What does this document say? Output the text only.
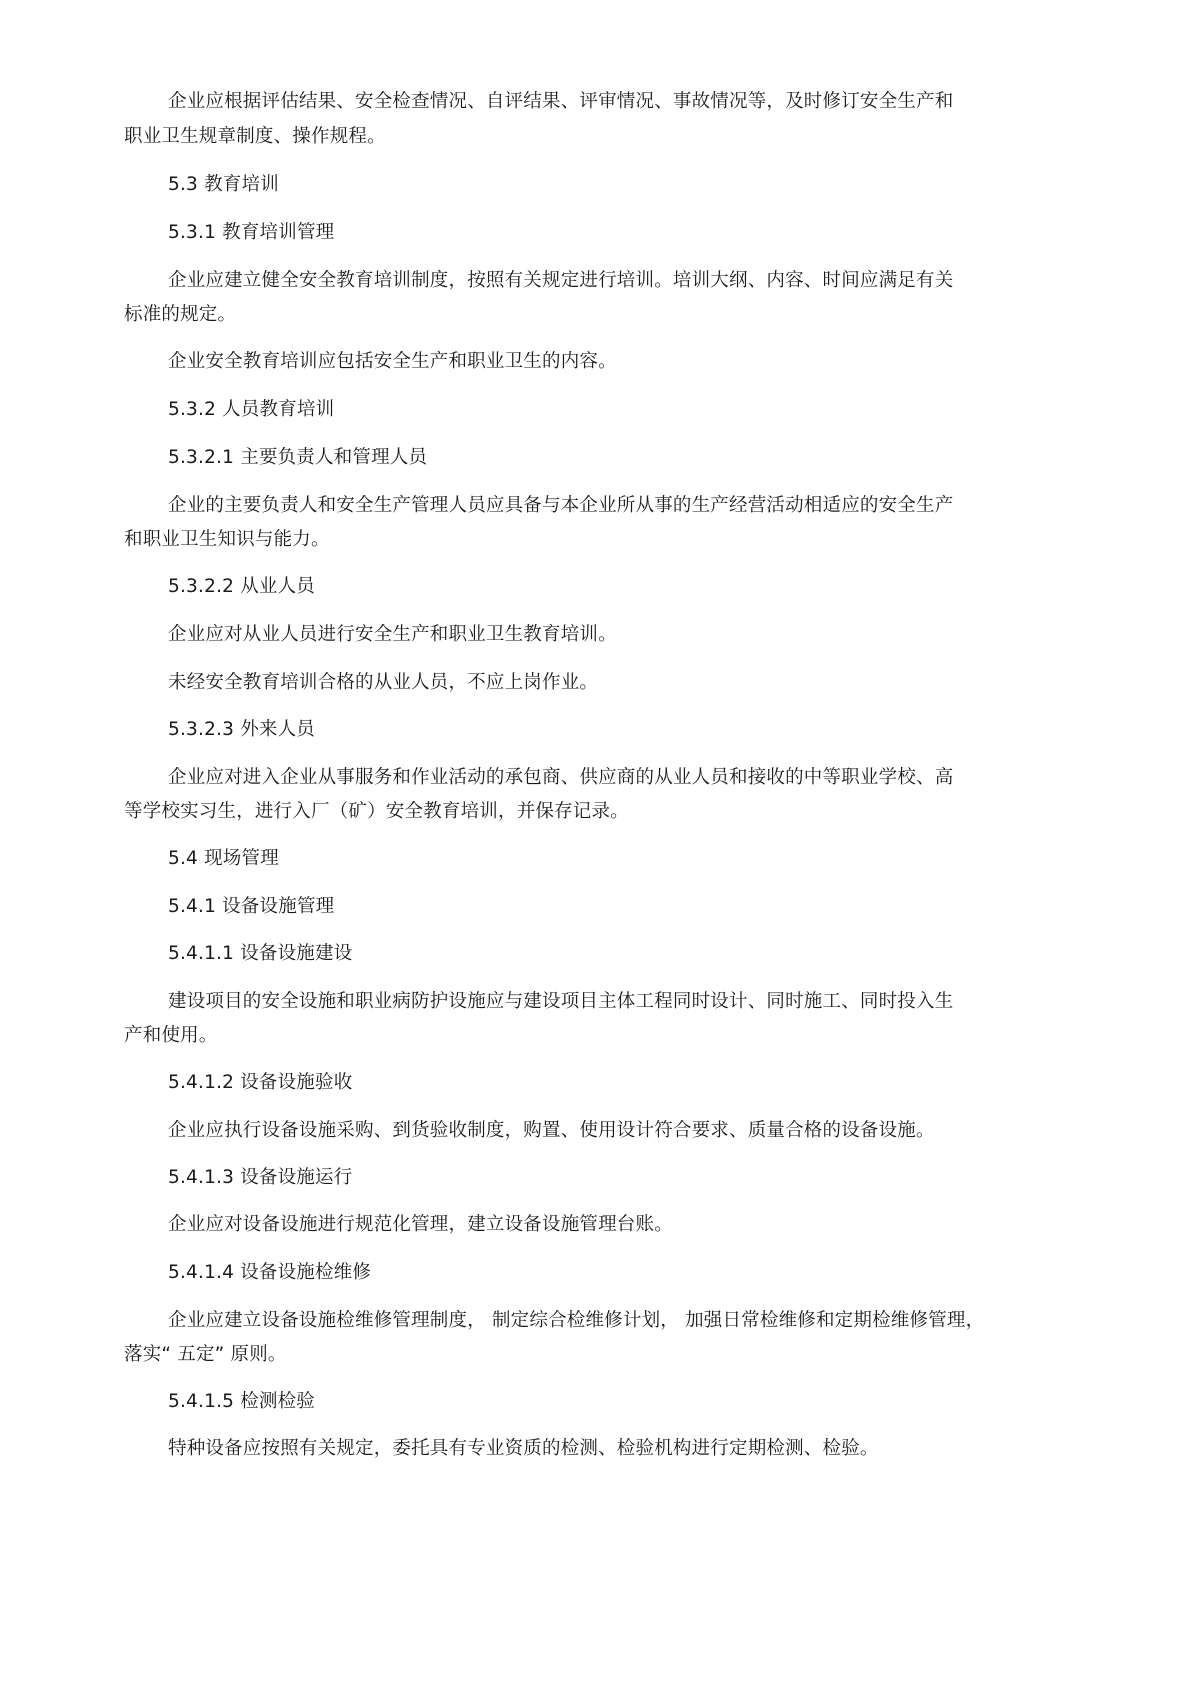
企业应根据评估结果、安全检查情况、自评结果、评审情况、事故情况等，及时修订安全生产和
职业卫生规章制度、操作规程。
5.3 教育培训
5.3.1 教育培训管理
企业应建立健全安全教育培训制度，按照有关规定进行培训。培训大纲、内容、时间应满足有关
标准的规定。
企业安全教育培训应包括安全生产和职业卫生的内容。
5.3.2 人员教育培训
5.3.2.1 主要负责人和管理人员
企业的主要负责人和安全生产管理人员应具备与本企业所从事的生产经营活动相适应的安全生产
和职业卫生知识与能力。
5.3.2.2 从业人员
企业应对从业人员进行安全生产和职业卫生教育培训。
未经安全教育培训合格的从业人员，不应上岗作业。
5.3.2.3 外来人员
企业应对进入企业从事服务和作业活动的承包商、供应商的从业人员和接收的中等职业学校、高
等学校实习生，进行入厂（矿）安全教育培训，并保存记录。
5.4 现场管理
5.4.1 设备设施管理
5.4.1.1 设备设施建设
建设项目的安全设施和职业病防护设施应与建设项目主体工程同时设计、同时施工、同时投入生
产和使用。
5.4.1.2 设备设施验收
企业应执行设备设施采购、到货验收制度，购置、使用设计符合要求、质量合格的设备设施。
5.4.1.3 设备设施运行
企业应对设备设施进行规范化管理，建立设备设施管理台账。
5.4.1.4 设备设施检维修
企业应建立设备设施检维修管理制度， 制定综合检维修计划， 加强日常检维修和定期检维修管理，
落实“ 五定” 原则。
5.4.1.5 检测检验
特种设备应按照有关规定，委托具有专业资质的检测、检验机构进行定期检测、检验。
